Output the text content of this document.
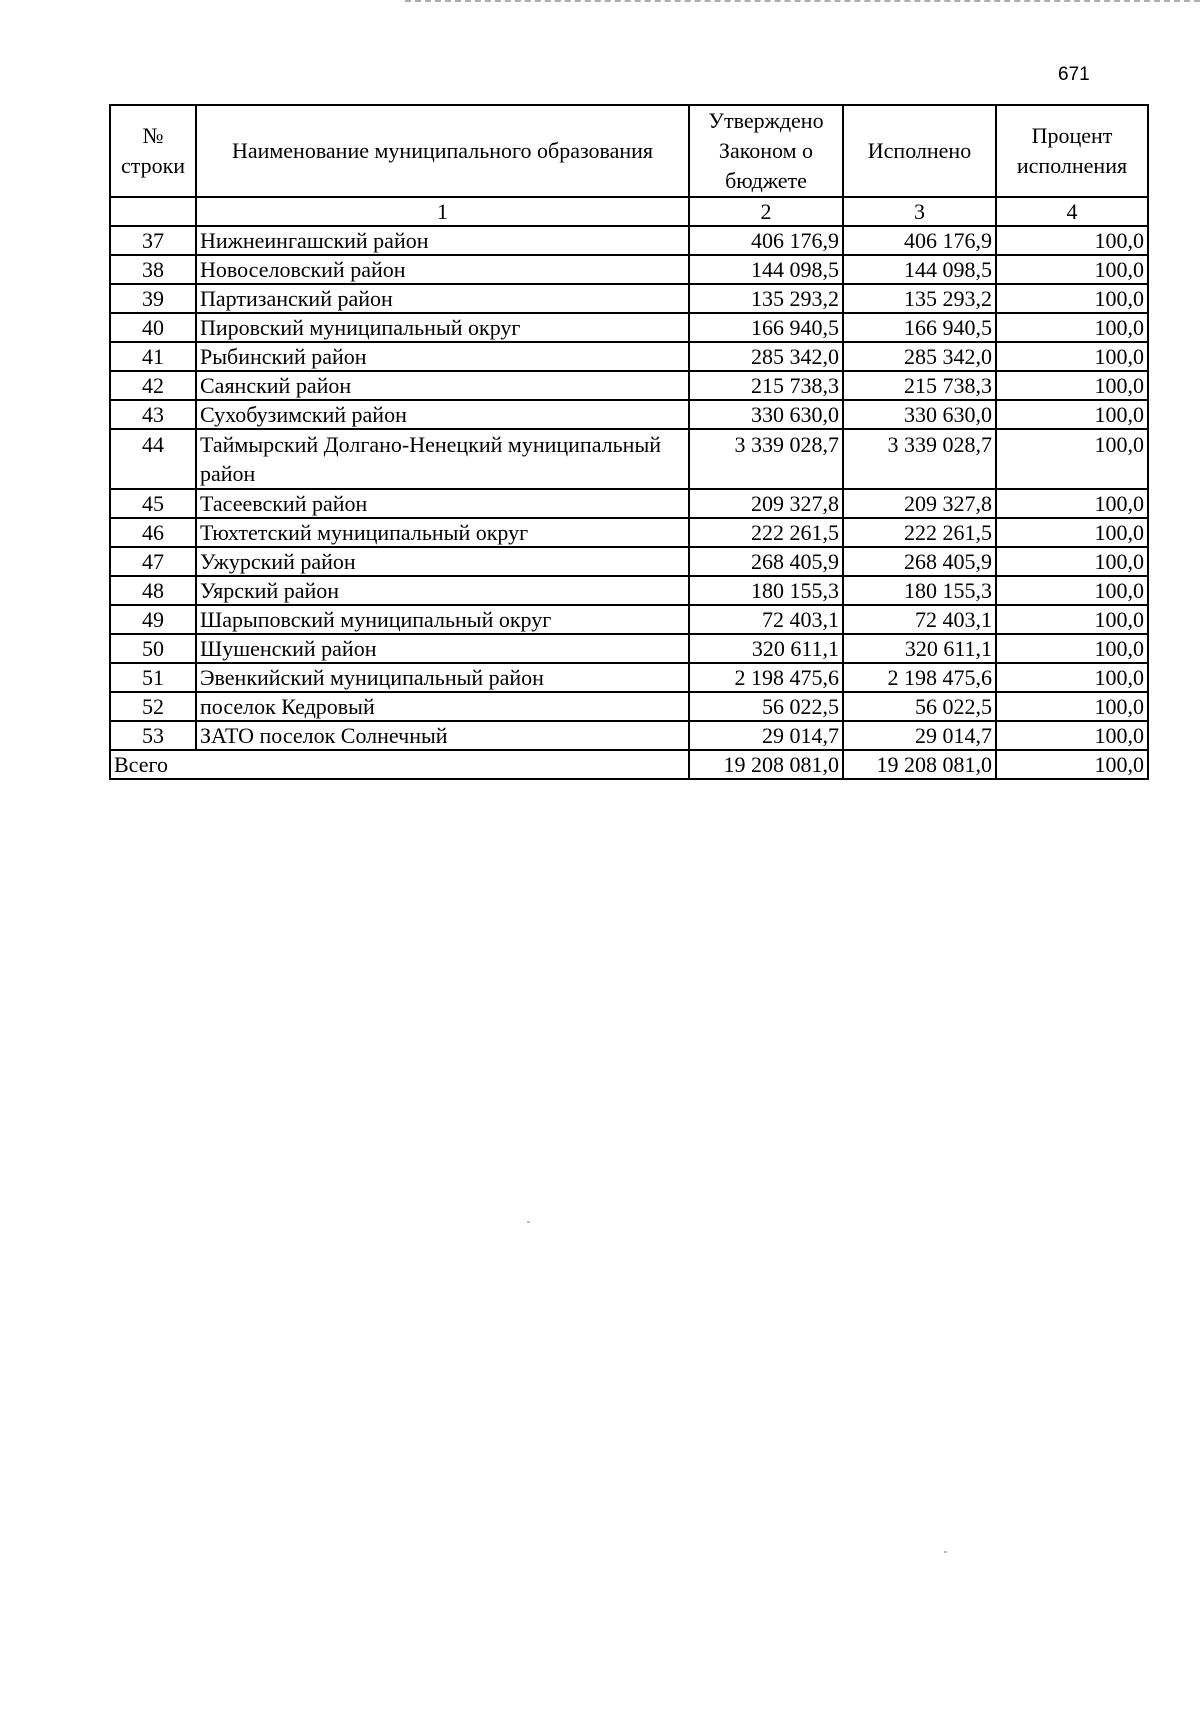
671
№ строки	Наименование муниципального образования	Утверждено Законом о бюджете	Исполнено	Процент исполнения
	1	2	3	4
37	Нижнеингашский район	406 176,9	406 176,9	100,0
38	Новоселовский район	144 098,5	144 098,5	100,0
39	Партизанский район	135 293,2	135 293,2	100,0
40	Пировский муниципальный округ	166 940,5	166 940,5	100,0
41	Рыбинский район	285 342,0	285 342,0	100,0
42	Саянский район	215 738,3	215 738,3	100,0
43	Сухобузимский район	330 630,0	330 630,0	100,0
44	Таймырский Долгано-Ненецкий муниципальный район	3 339 028,7	3 339 028,7	100,0
45	Тасеевский район	209 327,8	209 327,8	100,0
46	Тюхтетский муниципальный округ	222 261,5	222 261,5	100,0
47	Ужурский район	268 405,9	268 405,9	100,0
48	Уярский район	180 155,3	180 155,3	100,0
49	Шарыповский муниципальный округ	72 403,1	72 403,1	100,0
50	Шушенский район	320 611,1	320 611,1	100,0
51	Эвенкийский муниципальный район	2 198 475,6	2 198 475,6	100,0
52	поселок Кедровый	56 022,5	56 022,5	100,0
53	ЗАТО поселок Солнечный	29 014,7	29 014,7	100,0
Всего		19 208 081,0	19 208 081,0	100,0
